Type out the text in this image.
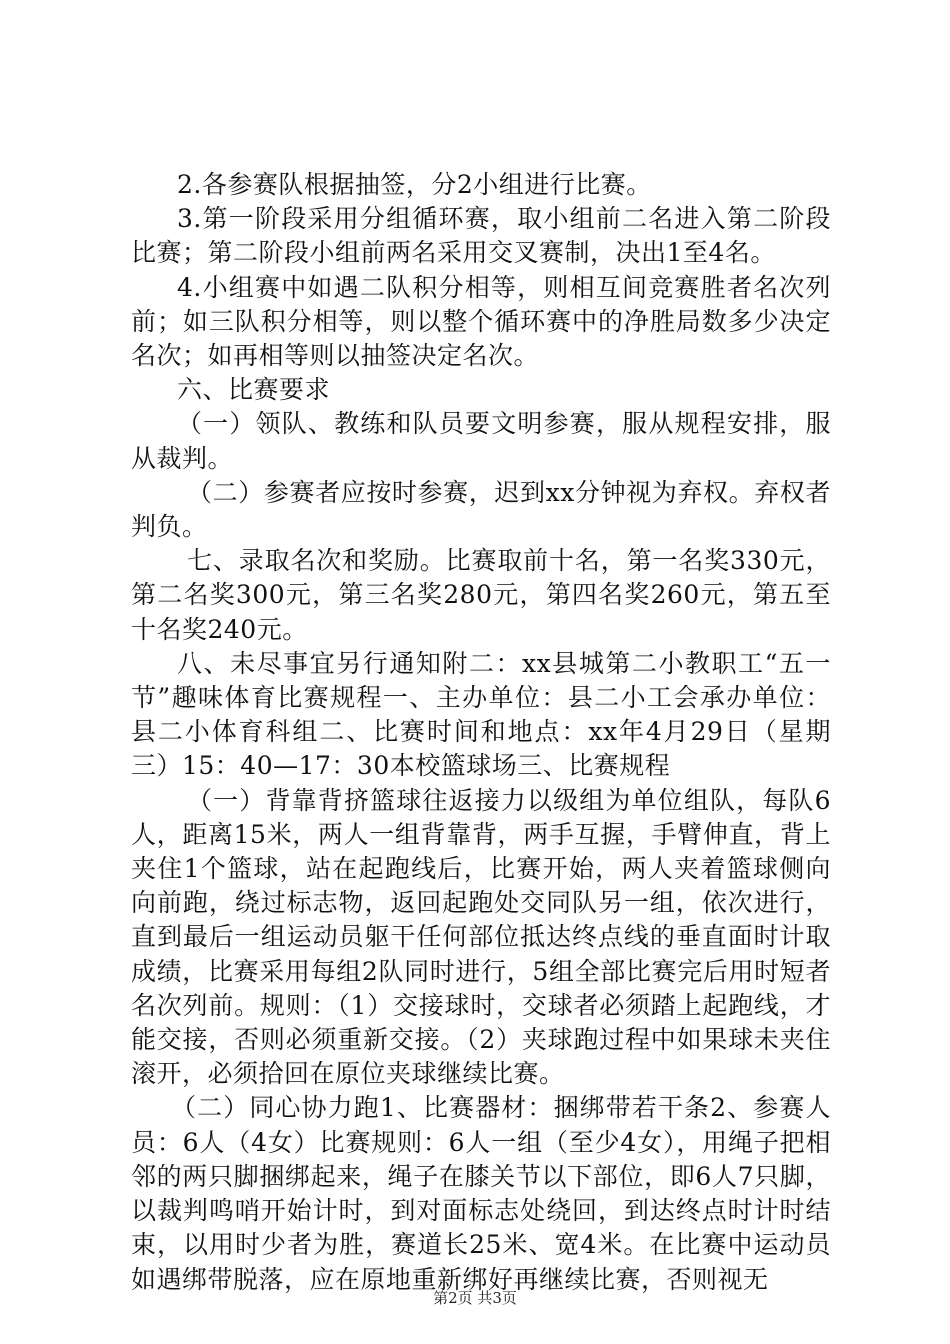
2.各参赛队根据抽签，分2小组进行比赛。

3.第一阶段采用分组循环赛，取小组前二名进入第二阶段比赛；第二阶段小组前两名采用交叉赛制，决出1至4名。

4.小组赛中如遇二队积分相等，则相互间竞赛胜者名次列前；如三队积分相等，则以整个循环赛中的净胜局数多少决定名次；如再相等则以抽签决定名次。

六、比赛要求

（一）领队、教练和队员要文明参赛，服从规程安排，服从裁判。

（二）参赛者应按时参赛，迟到xx分钟视为弃权。弃权者判负。

七、录取名次和奖励。比赛取前十名，第一名奖330元，第二名奖300元，第三名奖280元，第四名奖260元，第五至十名奖240元。

八、未尽事宜另行通知附二：xx县城第二小教职工“五一节”趣味体育比赛规程一、主办单位：县二小工会承办单位：县二小体育科组二、比赛时间和地点：xx年4月29日（星期三）15：40—17：30本校篮球场三、比赛规程

（一）背靠背挤篮球往返接力以级组为单位组队，每队6人，距离15米，两人一组背靠背，两手互握，手臂伸直，背上夹住1个篮球，站在起跑线后，比赛开始，两人夹着篮球侧向向前跑，绕过标志物，返回起跑处交同队另一组，依次进行，直到最后一组运动员躯干任何部位抵达终点线的垂直面时计取成绩，比赛采用每组2队同时进行，5组全部比赛完后用时短者名次列前。规则：（1）交接球时，交球者必须踏上起跑线，才能交接，否则必须重新交接。（2）夹球跑过程中如果球未夹住滚开，必须拾回在原位夹球继续比赛。

（二）同心协力跑1、比赛器材：捆绑带若干条2、参赛人员：6人（4女）比赛规则：6人一组（至少4女），用绳子把相邻的两只脚捆绑起来，绳子在膝关节以下部位，即6人7只脚，以裁判鸣哨开始计时，到对面标志处绕回，到达终点时计时结束，以用时少者为胜，赛道长25米、宽4米。在比赛中运动员如遇绑带脱落，应在原地重新绑好再继续比赛，否则视无

第2页 共3页
